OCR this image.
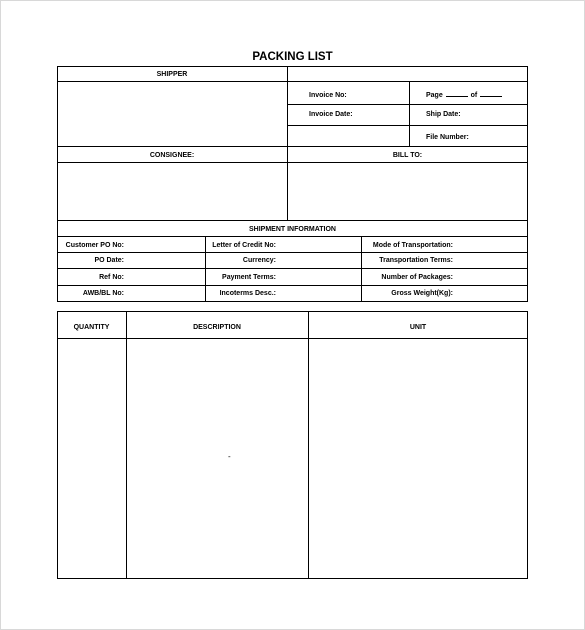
PACKING LIST
SHIPPER
Invoice No:	Page	of
Invoice Date:	Ship Date:
File Number:
CONSIGNEE:	BILL TO:
SHIPMENT INFORMATION
Customer PO No:	Letter of Credit No:	Mode of Transportation:
PO Date:	Currency:	Transportation Terms:
Ref No:	Payment Terms:	Number of Packages:
AWB/BL No:	Incoterms Desc.:	Gross Weight(Kg):
QUANTITY	DESCRIPTION	UNIT
-
